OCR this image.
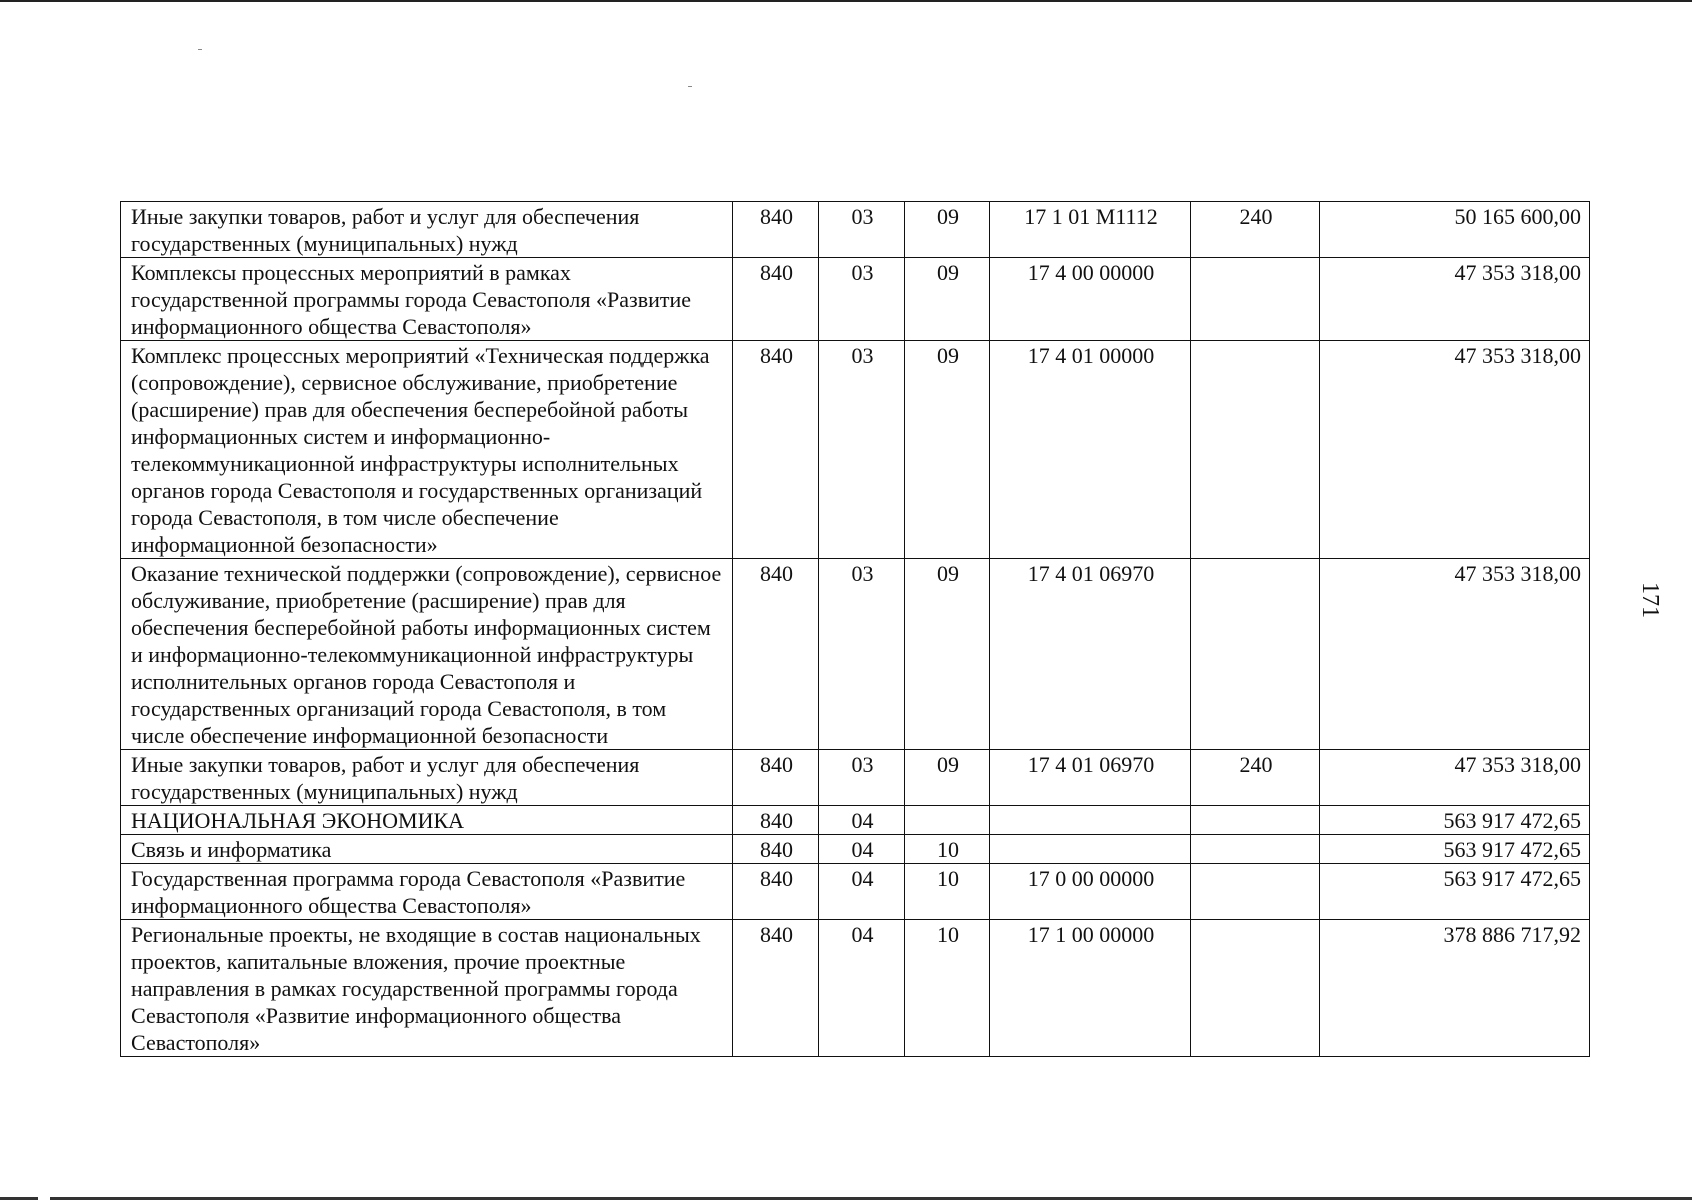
Иные закупки товаров, работ и услуг для обеспечения государственных (муниципальных) нужд	840	03	09	17 1 01 М1112	240	50 165 600,00
Комплексы процессных мероприятий в рамках государственной программы города Севастополя «Развитие информационного общества Севастополя»	840	03	09	17 4 00 00000		47 353 318,00
Комплекс процессных мероприятий «Техническая поддержка (сопровождение), сервисное обслуживание, приобретение (расширение) прав для обеспечения бесперебойной работы информационных систем и информационно-телекоммуникационной инфраструктуры исполнительных органов города Севастополя и государственных организаций города Севастополя, в том числе обеспечение информационной безопасности»	840	03	09	17 4 01 00000		47 353 318,00
Оказание технической поддержки (сопровождение), сервисное обслуживание, приобретение (расширение) прав для обеспечения бесперебойной работы информационных систем и информационно-телекоммуникационной инфраструктуры исполнительных органов города Севастополя и государственных организаций города Севастополя, в том числе обеспечение информационной безопасности	840	03	09	17 4 01 06970		47 353 318,00
Иные закупки товаров, работ и услуг для обеспечения государственных (муниципальных) нужд	840	03	09	17 4 01 06970	240	47 353 318,00
НАЦИОНАЛЬНАЯ ЭКОНОМИКА	840	04				563 917 472,65
Связь и информатика	840	04	10			563 917 472,65
Государственная программа города Севастополя «Развитие информационного общества Севастополя»	840	04	10	17 0 00 00000		563 917 472,65
Региональные проекты, не входящие в состав национальных проектов, капитальные вложения, прочие проектные направления в рамках государственной программы города Севастополя «Развитие информационного общества Севастополя»	840	04	10	17 1 00 00000		378 886 717,92
171
